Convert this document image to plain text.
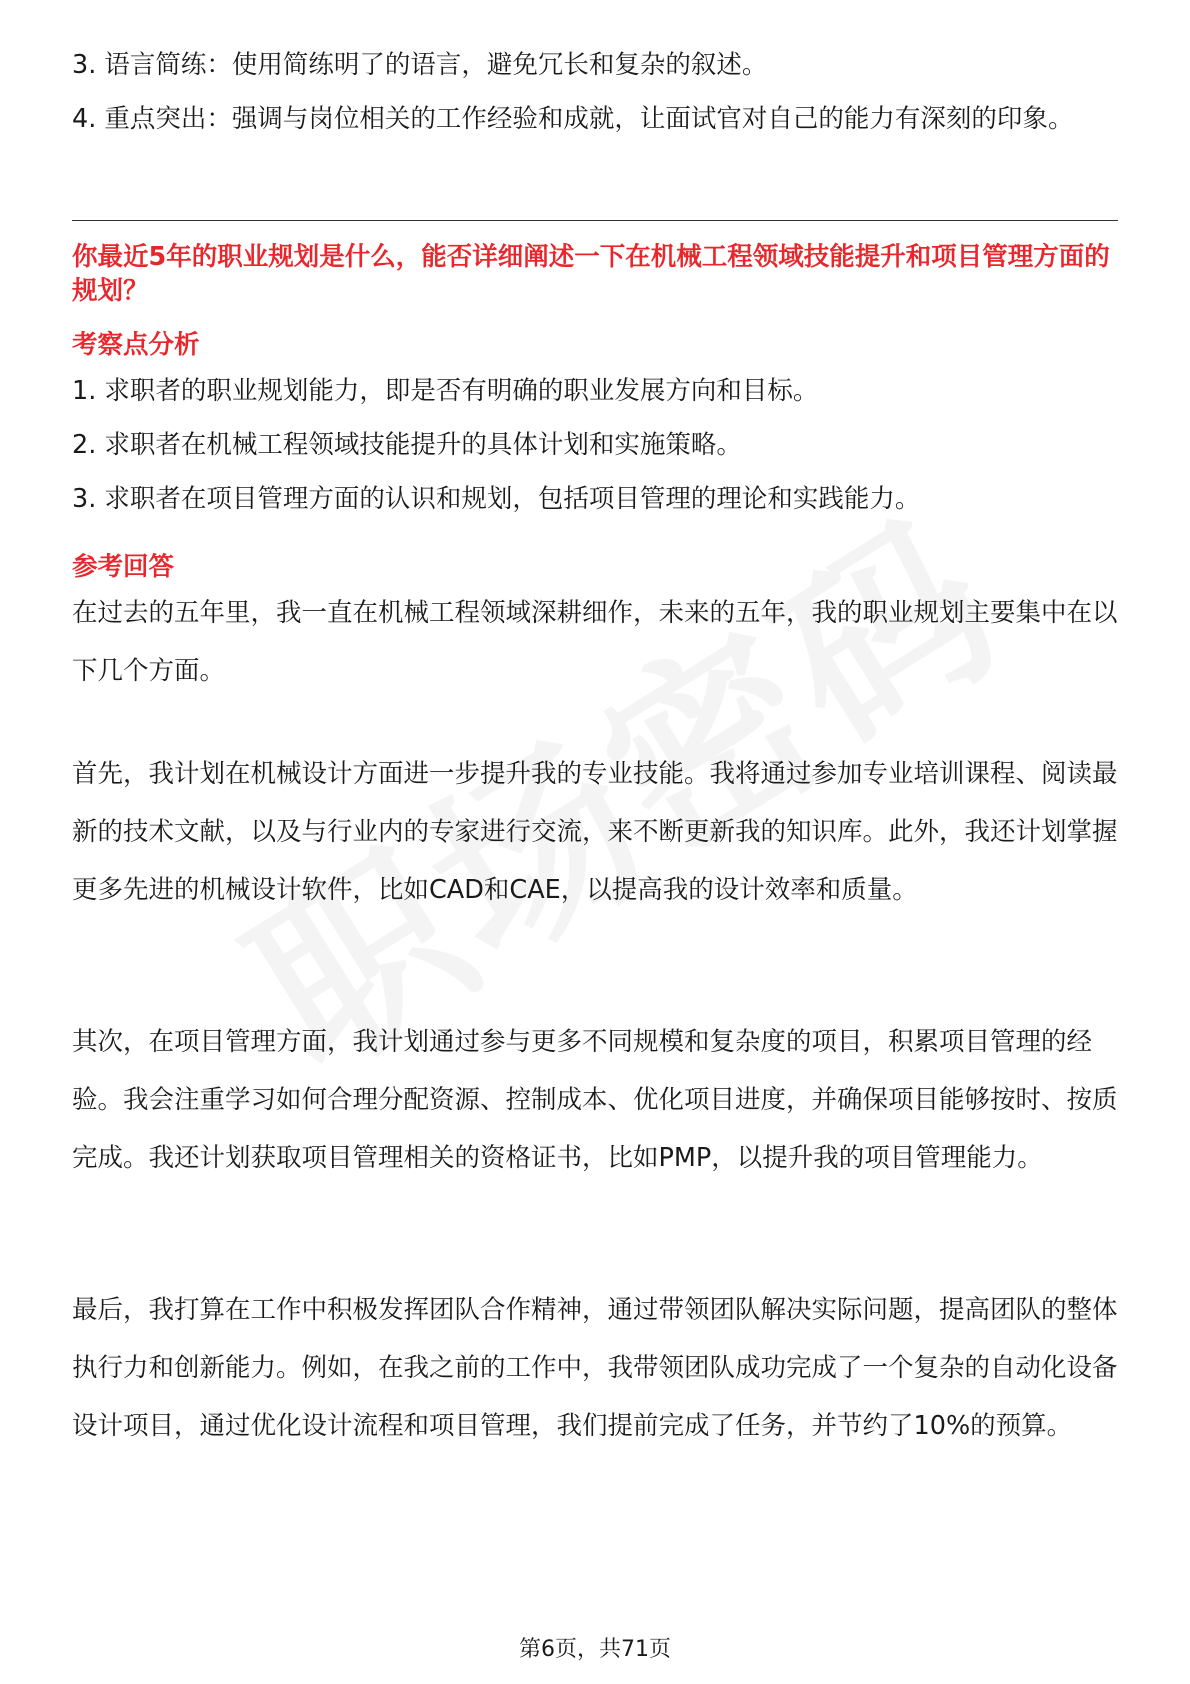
3. 语言简练：使用简练明了的语言，避免冗长和复杂的叙述。

4. 重点突出：强调与岗位相关的工作经验和成就，让面试官对自己的能力有深刻的印象。

你最近5年的职业规划是什么，能否详细阐述一下在机械工程领域技能提升和项目管理方面的规划？

考察点分析

1. 求职者的职业规划能力，即是否有明确的职业发展方向和目标。

2. 求职者在机械工程领域技能提升的具体计划和实施策略。

3. 求职者在项目管理方面的认识和规划，包括项目管理的理论和实践能力。

参考回答

在过去的五年里，我一直在机械工程领域深耕细作，未来的五年，我的职业规划主要集中在以下几个方面。

首先，我计划在机械设计方面进一步提升我的专业技能。我将通过参加专业培训课程、阅读最新的技术文献，以及与行业内的专家进行交流，来不断更新我的知识库。此外，我还计划掌握更多先进的机械设计软件，比如CAD和CAE，以提高我的设计效率和质量。

其次，在项目管理方面，我计划通过参与更多不同规模和复杂度的项目，积累项目管理的经验。我会注重学习如何合理分配资源、控制成本、优化项目进度，并确保项目能够按时、按质完成。我还计划获取项目管理相关的资格证书，比如PMP，以提升我的项目管理能力。

最后，我打算在工作中积极发挥团队合作精神，通过带领团队解决实际问题，提高团队的整体执行力和创新能力。例如，在我之前的工作中，我带领团队成功完成了一个复杂的自动化设备设计项目，通过优化设计流程和项目管理，我们提前完成了任务，并节约了10%的预算。

第6页，共71页
